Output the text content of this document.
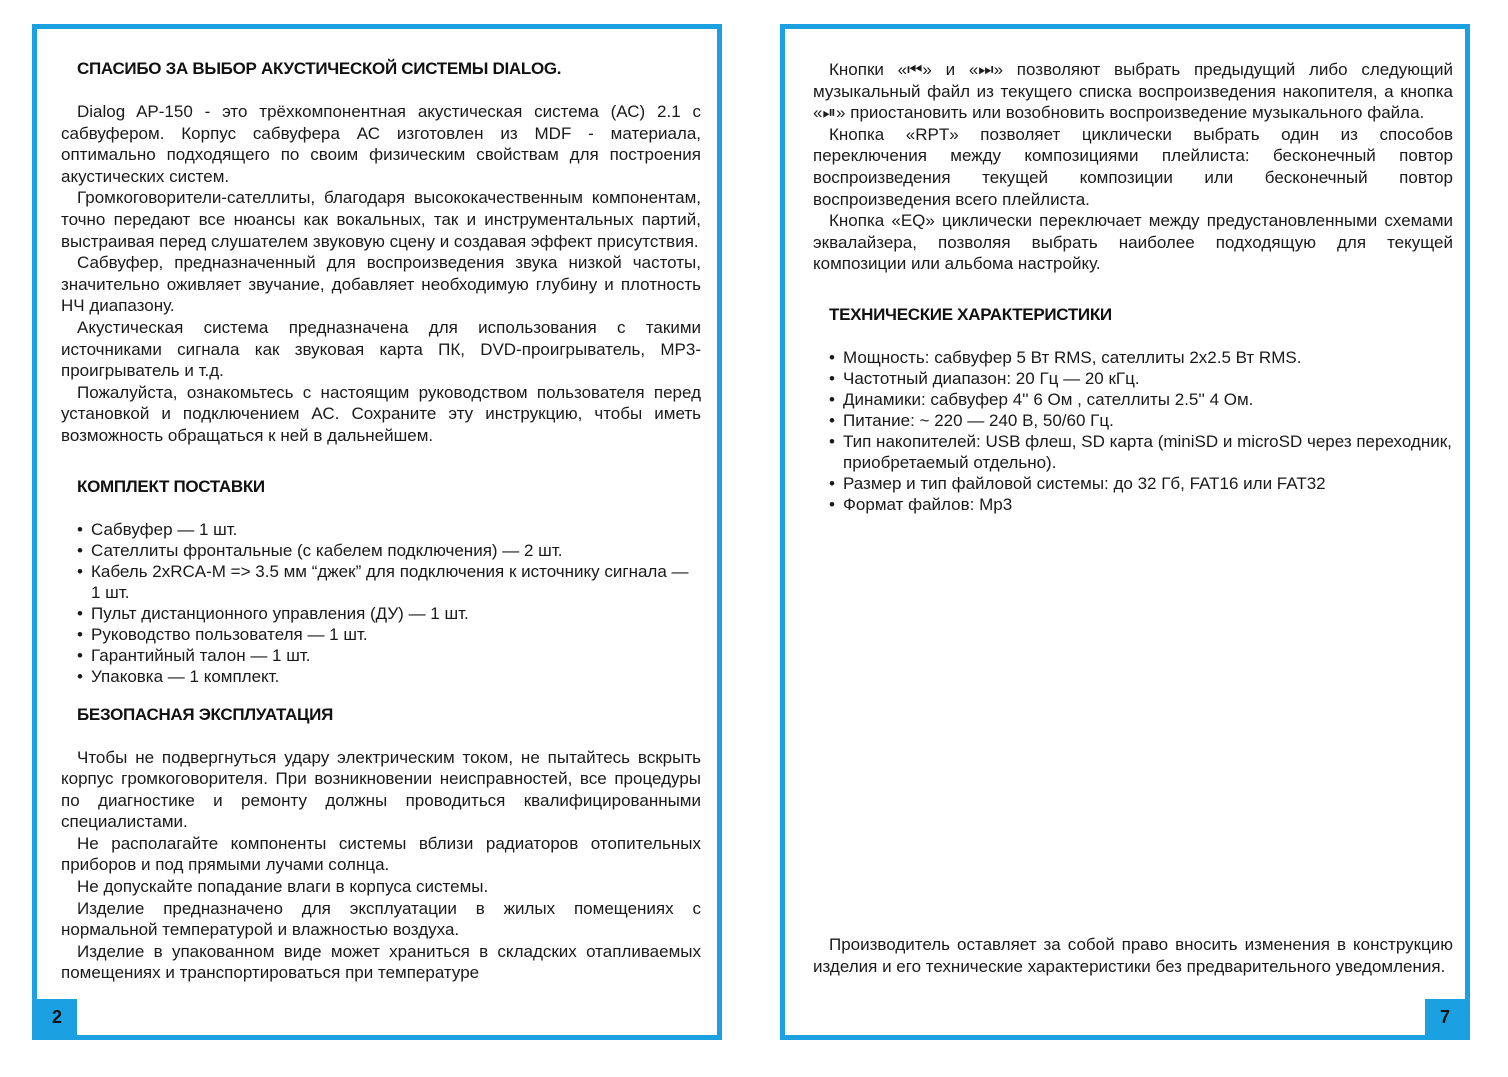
СПАСИБО ЗА ВЫБОР АКУСТИЧЕСКОЙ СИСТЕМЫ DIALOG.

Dialog AP-150 - это трёхкомпонентная акустическая система (АС) 2.1 с сабвуфером. Корпус сабвуфера АС изготовлен из MDF - материала, оптимально подходящего по своим физическим свойствам для построения акустических систем.

Громкоговорители-сателлиты, благодаря высококачественным компонентам, точно передают все нюансы как вокальных, так и инструментальных партий, выстраивая перед слушателем звуковую сцену и создавая эффект присутствия.

Сабвуфер, предназначенный для воспроизведения звука низкой частоты, значительно оживляет звучание, добавляет необходимую глубину и плотность НЧ диапазону.

Акустическая система предназначена для использования с такими источниками сигнала как звуковая карта ПК, DVD-проигрыватель, MP3-проигрыватель и т.д.

Пожалуйста, ознакомьтесь с настоящим руководством пользователя перед установкой и подключением АС. Сохраните эту инструкцию, чтобы иметь возможность обращаться к ней в дальнейшем.

КОМПЛЕКТ ПОСТАВКИ
• Сабвуфер — 1 шт.
• Сателлиты фронтальные (с кабелем подключения) — 2 шт.
• Кабель 2xRCA-M => 3.5 мм “джек” для подключения к источнику сигнала — 1 шт.
• Пульт дистанционного управления (ДУ) — 1 шт.
• Руководство пользователя — 1 шт.
• Гарантийный талон — 1 шт.
• Упаковка — 1 комплект.
БЕЗОПАСНАЯ ЭКСПЛУАТАЦИЯ

Чтобы не подвергнуться удару электрическим током, не пытайтесь вскрыть корпус громкоговорителя. При возникновении неисправностей, все процедуры по диагностике и ремонту должны проводиться квалифицированными специалистами.

Не располагайте компоненты системы вблизи радиаторов отопительных приборов и под прямыми лучами солнца.

Не допускайте попадание влаги в корпуса системы.

Изделие предназначено для эксплуатации в жилых помещениях с нормальной температурой и влажностью воздуха.

Изделие в упакованном виде может храниться в складских отапливаемых помещениях и транспортироваться при температуре

2

Кнопки «⏮» и «⏭» позволяют выбрать предыдущий либо следующий музыкальный файл из текущего списка воспроизведения накопителя, а кнопка «⏯» приостановить или возобновить воспроизведение музыкального файла.

Кнопка «RPT» позволяет циклически выбрать один из способов переключения между композициями плейлиста: бесконечный повтор воспроизведения текущей композиции или бесконечный повтор воспроизведения всего плейлиста.

Кнопка «EQ» циклически переключает между предустановленными схемами эквалайзера, позволяя выбрать наиболее подходящую для текущей композиции или альбома настройку.

ТЕХНИЧЕСКИЕ ХАРАКТЕРИСТИКИ
• Мощность: сабвуфер 5 Вт RMS, сателлиты 2х2.5 Вт RMS.
• Частотный диапазон: 20 Гц — 20 кГц.
• Динамики: сабвуфер 4'' 6 Ом , сателлиты 2.5'' 4 Ом.
• Питание: ~ 220 — 240 В, 50/60 Гц.
• Тип накопителей: USB флеш, SD карта (miniSD и microSD через переходник, приобретаемый отдельно).
• Размер и тип файловой системы: до 32 Гб, FAT16 или FAT32
• Формат файлов: Mp3

Производитель оставляет за собой право вносить изменения в конструкцию изделия и его технические характеристики без предварительного уведомления.

7
